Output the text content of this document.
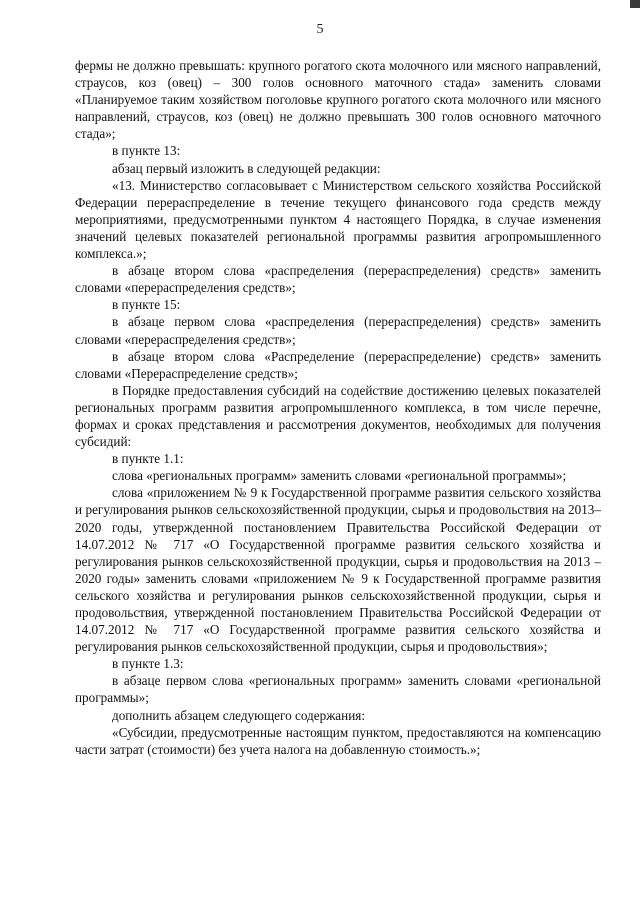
5

фермы не должно превышать: крупного рогатого скота молочного или мясного направлений, страусов, коз (овец) – 300 голов основного маточного стада» заменить словами «Планируемое таким хозяйством поголовье крупного рогатого скота молочного или мясного направлений, страусов, коз (овец) не должно превышать 300 голов основного маточного стада»;

в пункте 13:

абзац первый изложить в следующей редакции:

«13. Министерство согласовывает с Министерством сельского хозяйства Российской Федерации перераспределение в течение текущего финансового года средств между мероприятиями, предусмотренными пунктом 4 настоящего Порядка, в случае изменения значений целевых показателей региональной программы развития агропромышленного комплекса.»;

в абзаце втором слова «распределения (перераспределения) средств» заменить словами «перераспределения средств»;

в пункте 15:

в абзаце первом слова «распределения (перераспределения) средств» заменить словами «перераспределения средств»;

в абзаце втором слова «Распределение (перераспределение) средств» заменить словами «Перераспределение средств»;

в Порядке предоставления субсидий на содействие достижению целевых показателей региональных программ развития агропромышленного комплекса, в том числе перечне, формах и сроках представления и рассмотрения документов, необходимых для получения субсидий:

в пункте 1.1:

слова «региональных программ» заменить словами «региональной программы»;

слова «приложением № 9 к Государственной программе развития сельского хозяйства и регулирования рынков сельскохозяйственной продукции, сырья и продовольствия на 2013–2020 годы, утвержденной постановлением Правительства Российской Федерации от 14.07.2012 № 717 «О Государственной программе развития сельского хозяйства и регулирования рынков сельскохозяйственной продукции, сырья и продовольствия на 2013 – 2020 годы» заменить словами «приложением № 9 к Государственной программе развития сельского хозяйства и регулирования рынков сельскохозяйственной продукции, сырья и продовольствия, утвержденной постановлением Правительства Российской Федерации от 14.07.2012 № 717 «О Государственной программе развития сельского хозяйства и регулирования рынков сельскохозяйственной продукции, сырья и продовольствия»;

в пункте 1.3:

в абзаце первом слова «региональных программ» заменить словами «региональной программы»;

дополнить абзацем следующего содержания:

«Субсидии, предусмотренные настоящим пунктом, предоставляются на компенсацию части затрат (стоимости) без учета налога на добавленную стоимость.»;
